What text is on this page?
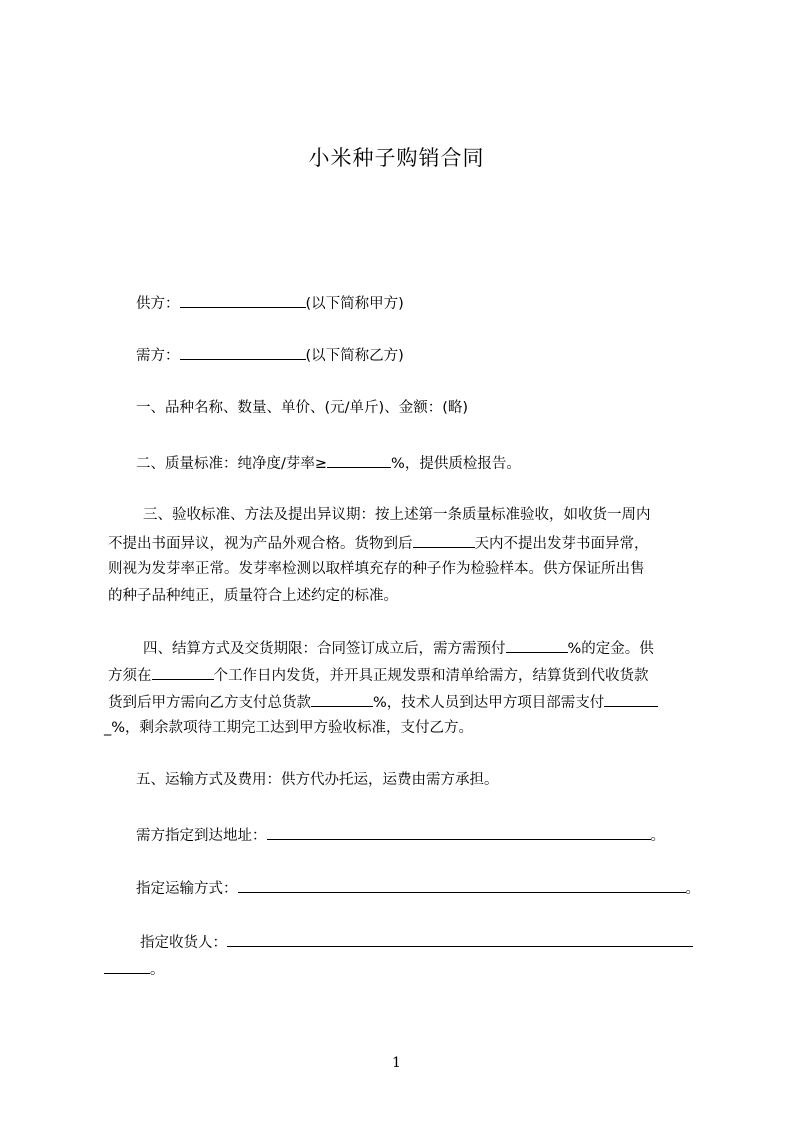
小米种子购销合同
供方：	(以下简称甲方)
需方：	(以下简称乙方)
一、品种名称、数量、单价、(元/单斤)、金额：(略)
二、质量标准：纯净度/芽率≥	%，提供质检报告。
三、验收标准、方法及提出异议期：按上述第一条质量标准验收，如收货一周内
不提出书面异议，视为产品外观合格。货物到后	天内不提出发芽书面异常，
则视为发芽率正常。发芽率检测以取样填充存的种子作为检验样本。供方保证所出售
的种子品种纯正，质量符合上述约定的标准。
四、结算方式及交货期限：合同签订成立后，需方需预付	%的定金。供
方须在	个工作日内发货，并开具正规发票和清单给需方，结算货到代收货款
货到后甲方需向乙方支付总货款	%，技术人员到达甲方项目部需支付
_%，剩余款项待工期完工达到甲方验收标准，支付乙方。
五、运输方式及费用：供方代办托运，运费由需方承担。
需方指定到达地址：	。
指定运输方式：	。
指定收货人：
。
1
